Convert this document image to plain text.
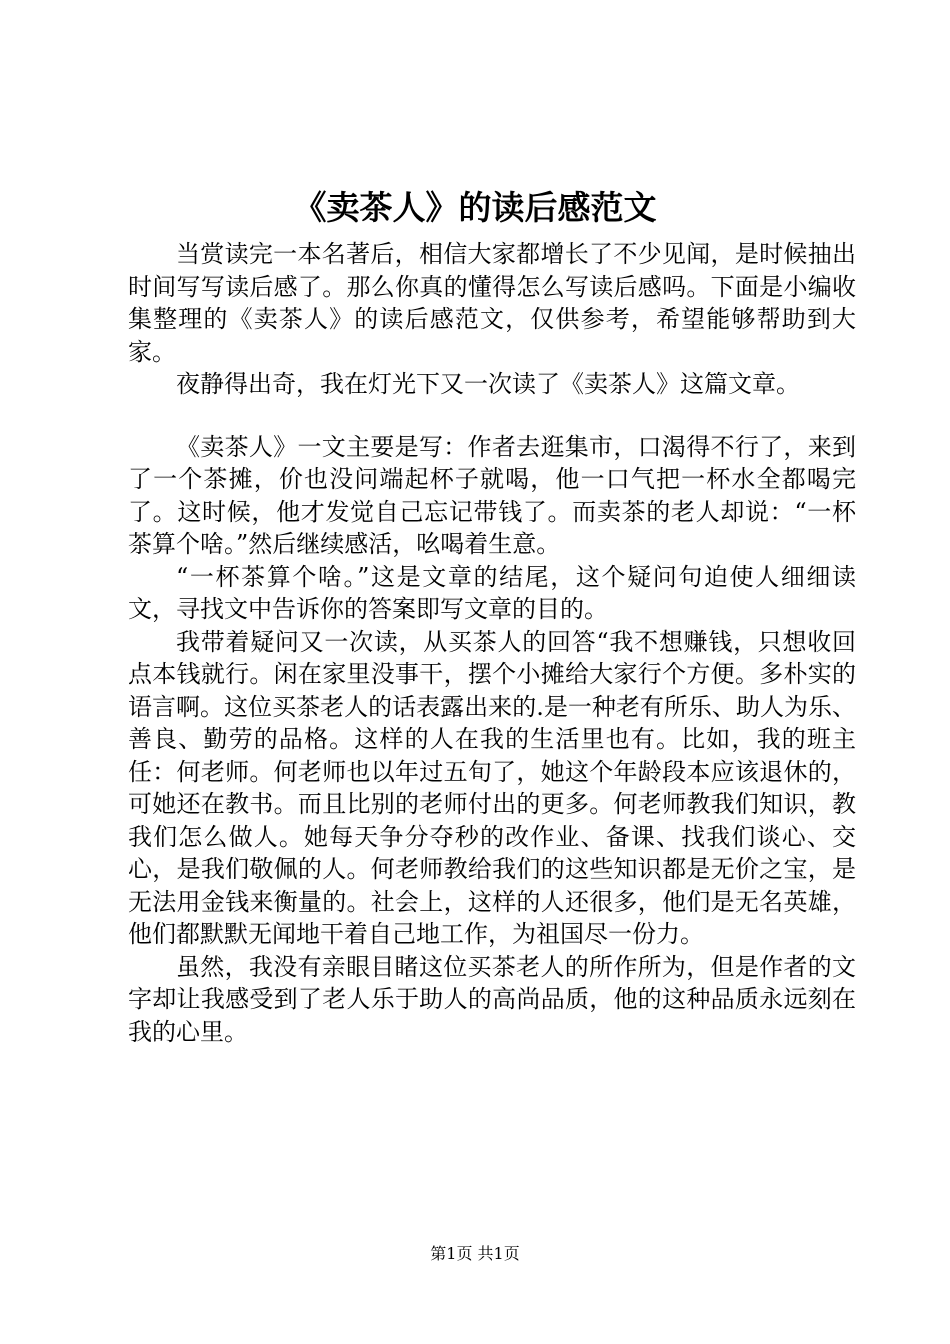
《卖茶人》的读后感范文

当赏读完一本名著后，相信大家都增长了不少见闻，是时候抽出时间写写读后感了。那么你真的懂得怎么写读后感吗。下面是小编收集整理的《卖茶人》的读后感范文，仅供参考，希望能够帮助到大家。

夜静得出奇，我在灯光下又一次读了《卖茶人》这篇文章。

《卖茶人》一文主要是写：作者去逛集市，口渴得不行了，来到了一个茶摊，价也没问端起杯子就喝，他一口气把一杯水全都喝完了。这时候，他才发觉自己忘记带钱了。而卖茶的老人却说：“一杯茶算个啥。”然后继续感活，吆喝着生意。

“一杯茶算个啥。”这是文章的结尾，这个疑问句迫使人细细读文，寻找文中告诉你的答案即写文章的目的。

我带着疑问又一次读，从买茶人的回答“我不想赚钱，只想收回点本钱就行。闲在家里没事干，摆个小摊给大家行个方便。多朴实的语言啊。这位买茶老人的话表露出来的.是一种老有所乐、助人为乐、善良、勤劳的品格。这样的人在我的生活里也有。比如，我的班主任：何老师。何老师也以年过五旬了，她这个年龄段本应该退休的，可她还在教书。而且比别的老师付出的更多。何老师教我们知识，教我们怎么做人。她每天争分夺秒的改作业、备课、找我们谈心、交心，是我们敬佩的人。何老师教给我们的这些知识都是无价之宝，是无法用金钱来衡量的。社会上，这样的人还很多，他们是无名英雄，他们都默默无闻地干着自己地工作，为祖国尽一份力。

虽然，我没有亲眼目睹这位买茶老人的所作所为，但是作者的文字却让我感受到了老人乐于助人的高尚品质，他的这种品质永远刻在我的心里。

第1页 共1页
